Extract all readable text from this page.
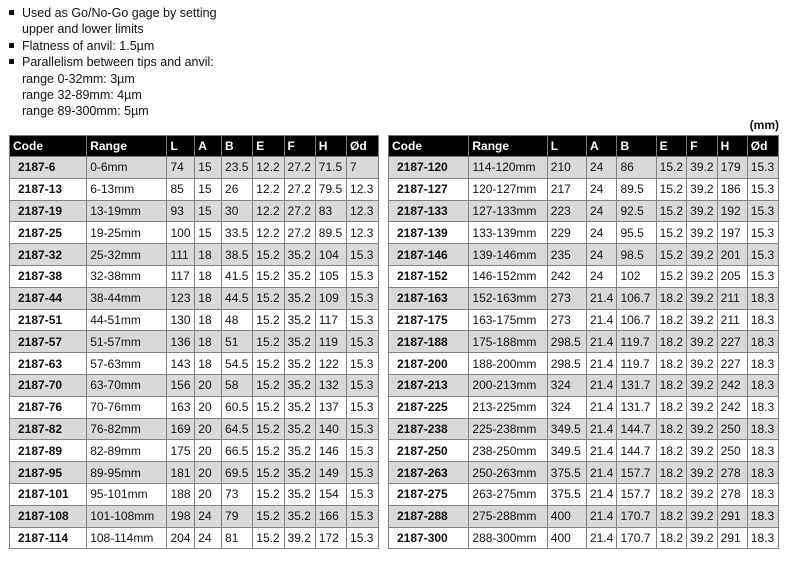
Used as Go/No-Go gage by setting
upper and lower limits
Flatness of anvil: 1.5µm
Parallelism between tips and anvil:
range 0-32mm: 3µm
range 32-89mm: 4µm
range 89-300mm: 5µm
(mm)
Code	Range	L	A	B	E	F	H	Ød
2187-6	0-6mm	74	15	23.5	12.2	27.2	71.5	7
2187-13	6-13mm	85	15	26	12.2	27.2	79.5	12.3
2187-19	13-19mm	93	15	30	12.2	27.2	83	12.3
2187-25	19-25mm	100	15	33.5	12.2	27.2	89.5	12.3
2187-32	25-32mm	111	18	38.5	15.2	35.2	104	15.3
2187-38	32-38mm	117	18	41.5	15.2	35.2	105	15.3
2187-44	38-44mm	123	18	44.5	15.2	35.2	109	15.3
2187-51	44-51mm	130	18	48	15.2	35.2	117	15.3
2187-57	51-57mm	136	18	51	15.2	35.2	119	15.3
2187-63	57-63mm	143	18	54.5	15.2	35.2	122	15.3
2187-70	63-70mm	156	20	58	15.2	35.2	132	15.3
2187-76	70-76mm	163	20	60.5	15.2	35.2	137	15.3
2187-82	76-82mm	169	20	64.5	15.2	35.2	140	15.3
2187-89	82-89mm	175	20	66.5	15.2	35.2	146	15.3
2187-95	89-95mm	181	20	69.5	15.2	35.2	149	15.3
2187-101	95-101mm	188	20	73	15.2	35.2	154	15.3
2187-108	101-108mm	198	24	79	15.2	35.2	166	15.3
2187-114	108-114mm	204	24	81	15.2	39.2	172	15.3
Code	Range	L	A	B	E	F	H	Ød
2187-120	114-120mm	210	24	86	15.2	39.2	179	15.3
2187-127	120-127mm	217	24	89.5	15.2	39.2	186	15.3
2187-133	127-133mm	223	24	92.5	15.2	39.2	192	15.3
2187-139	133-139mm	229	24	95.5	15.2	39.2	197	15.3
2187-146	139-146mm	235	24	98.5	15.2	39.2	201	15.3
2187-152	146-152mm	242	24	102	15.2	39.2	205	15.3
2187-163	152-163mm	273	21.4	106.7	18.2	39.2	211	18.3
2187-175	163-175mm	273	21.4	106.7	18.2	39.2	211	18.3
2187-188	175-188mm	298.5	21.4	119.7	18.2	39.2	227	18.3
2187-200	188-200mm	298.5	21.4	119.7	18.2	39.2	227	18.3
2187-213	200-213mm	324	21.4	131.7	18.2	39.2	242	18.3
2187-225	213-225mm	324	21.4	131.7	18.2	39.2	242	18.3
2187-238	225-238mm	349.5	21.4	144.7	18.2	39.2	250	18.3
2187-250	238-250mm	349.5	21.4	144.7	18.2	39.2	250	18.3
2187-263	250-263mm	375.5	21.4	157.7	18.2	39.2	278	18.3
2187-275	263-275mm	375.5	21.4	157.7	18.2	39.2	278	18.3
2187-288	275-288mm	400	21.4	170.7	18.2	39.2	291	18.3
2187-300	288-300mm	400	21.4	170.7	18.2	39.2	291	18.3
